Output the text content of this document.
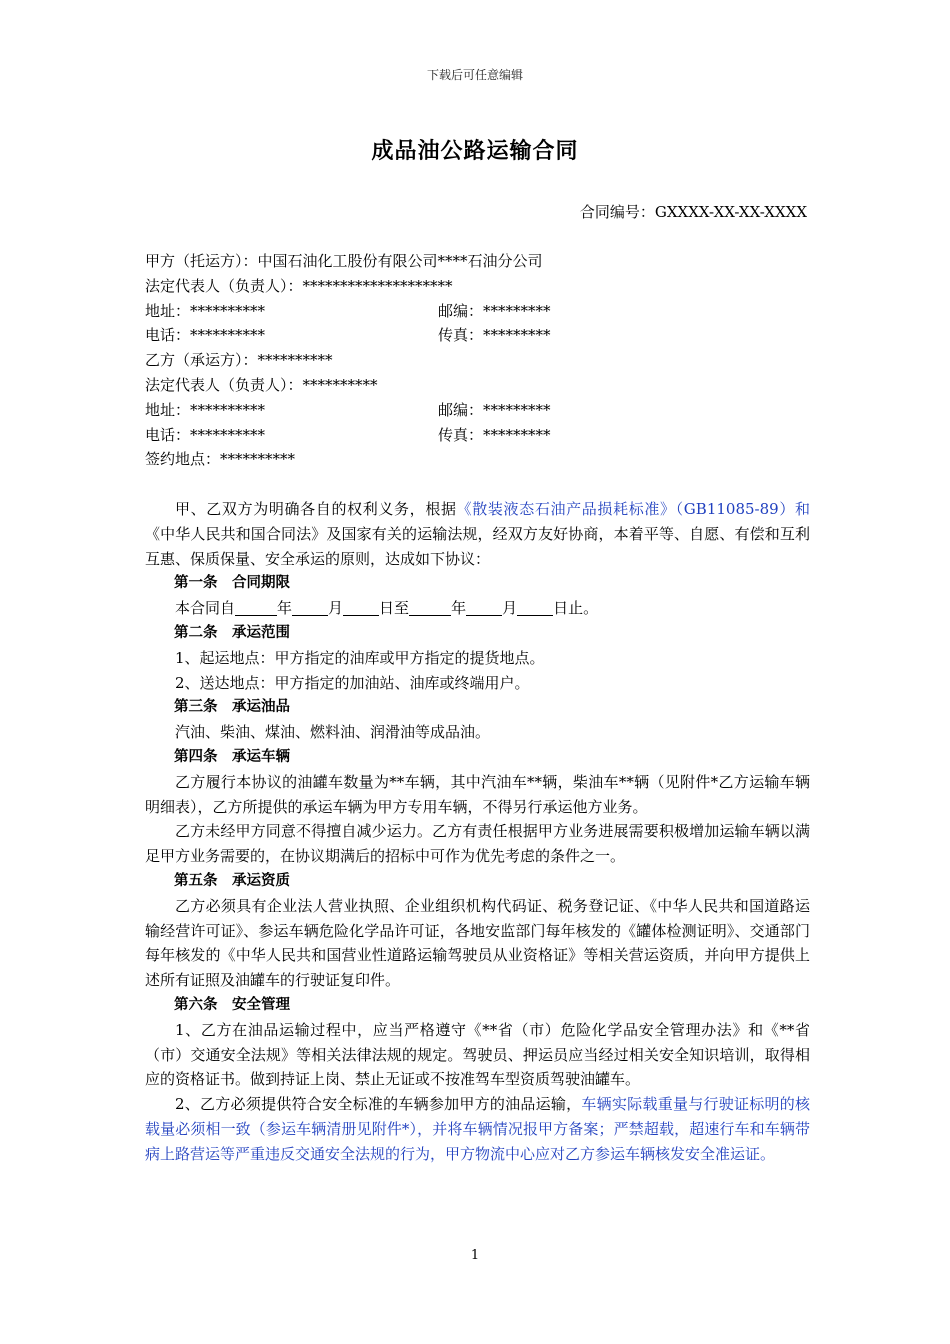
下载后可任意编辑
成品油公路运输合同
合同编号：GXXXX-XX-XX-XXXX
甲方（托运方）：中国石油化工股份有限公司****石油分公司
法定代表人（负责人）：********************
地址：**********	邮编：*********
电话：**********	传真：*********
乙方（承运方）：**********
法定代表人（负责人）：**********
地址：**********	邮编：*********
电话：**********	传真：*********
签约地点：**********

甲、乙双方为明确各自的权利义务，根据《散装液态石油产品损耗标准》（GB11085-89）和《中华人民共和国合同法》及国家有关的运输法规，经双方友好协商，本着平等、自愿、有偿和互利互惠、保质保量、安全承运的原则，达成如下协议：

第一条　合同期限

本合同自	年 月 日至	年 月 日止。

第二条　承运范围

1、起运地点：甲方指定的油库或甲方指定的提货地点。

2、送达地点：甲方指定的加油站、油库或终端用户。

第三条　承运油品

汽油、柴油、煤油、燃料油、润滑油等成品油。

第四条　承运车辆

乙方履行本协议的油罐车数量为**车辆，其中汽油车**辆，柴油车**辆（见附件*乙方运输车辆明细表），乙方所提供的承运车辆为甲方专用车辆，不得另行承运他方业务。

乙方未经甲方同意不得擅自减少运力。乙方有责任根据甲方业务进展需要积极增加运输车辆以满足甲方业务需要的，在协议期满后的招标中可作为优先考虑的条件之一。

第五条　承运资质

乙方必须具有企业法人营业执照、企业组织机构代码证、税务登记证、《中华人民共和国道路运输经营许可证》、参运车辆危险化学品许可证，各地安监部门每年核发的《罐体检测证明》、交通部门每年核发的《中华人民共和国营业性道路运输驾驶员从业资格证》等相关营运资质，并向甲方提供上述所有证照及油罐车的行驶证复印件。

第六条　安全管理

1、乙方在油品运输过程中，应当严格遵守《**省（市）危险化学品安全管理办法》和《**省（市）交通安全法规》等相关法律法规的规定。驾驶员、押运员应当经过相关安全知识培训，取得相应的资格证书。做到持证上岗、禁止无证或不按准驾车型资质驾驶油罐车。

2、乙方必须提供符合安全标准的车辆参加甲方的油品运输，车辆实际载重量与行驶证标明的核载量必须相一致（参运车辆清册见附件*），并将车辆情况报甲方备案；严禁超载，超速行车和车辆带病上路营运等严重违反交通安全法规的行为，甲方物流中心应对乙方参运车辆核发安全准运证。

1
